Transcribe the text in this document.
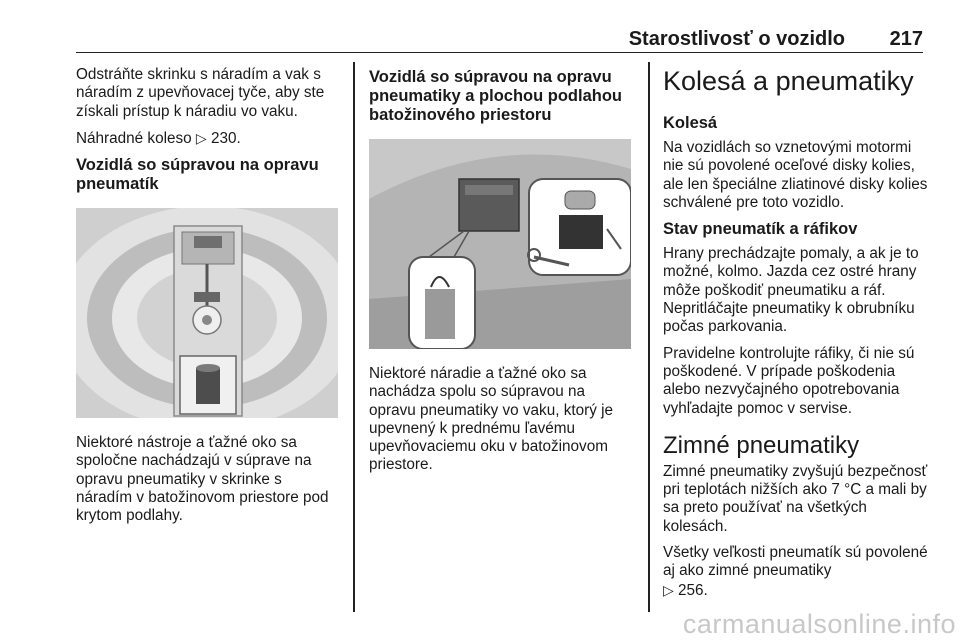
Starostlivosť o vozidlo 217

Odstráňte skrinku s náradím a vak s náradím z upevňovacej tyče, aby ste získali prístup k náradiu vo vaku.

Náhradné koleso ▷ 230.

Vozidlá so súpravou na opravu pneumatík

Niektoré nástroje a ťažné oko sa spoločne nachádzajú v súprave na opravu pneumatiky v skrinke s náradím v batožinovom priestore pod krytom podlahy.

Vozidlá so súpravou na opravu pneumatiky a plochou podlahou batožinového priestoru

Niektoré náradie a ťažné oko sa nachádza spolu so súpravou na opravu pneumatiky vo vaku, ktorý je upevnený k prednému ľavému upevňovaciemu oku v batožinovom priestore.

Kolesá a pneumatiky
Kolesá

Na vozidlách so vznetovými motormi nie sú povolené oceľové disky kolies, ale len špeciálne zliatinové disky kolies schválené pre toto vozidlo.

Stav pneumatík a ráfikov

Hrany prechádzajte pomaly, a ak je to možné, kolmo. Jazda cez ostré hrany môže poškodiť pneumatiku a ráf. Nepritláčajte pneumatiky k obrubníku počas parkovania.

Pravidelne kontrolujte ráfiky, či nie sú poškodené. V prípade poškodenia alebo nezvyčajného opotrebovania vyhľadajte pomoc v servise.

Zimné pneumatiky

Zimné pneumatiky zvyšujú bezpečnosť pri teplotách nižších ako 7 °C a mali by sa preto používať na všetkých kolesách.

Všetky veľkosti pneumatík sú povolené aj ako zimné pneumatiky
▷ 256.

carmanualsonline.info
